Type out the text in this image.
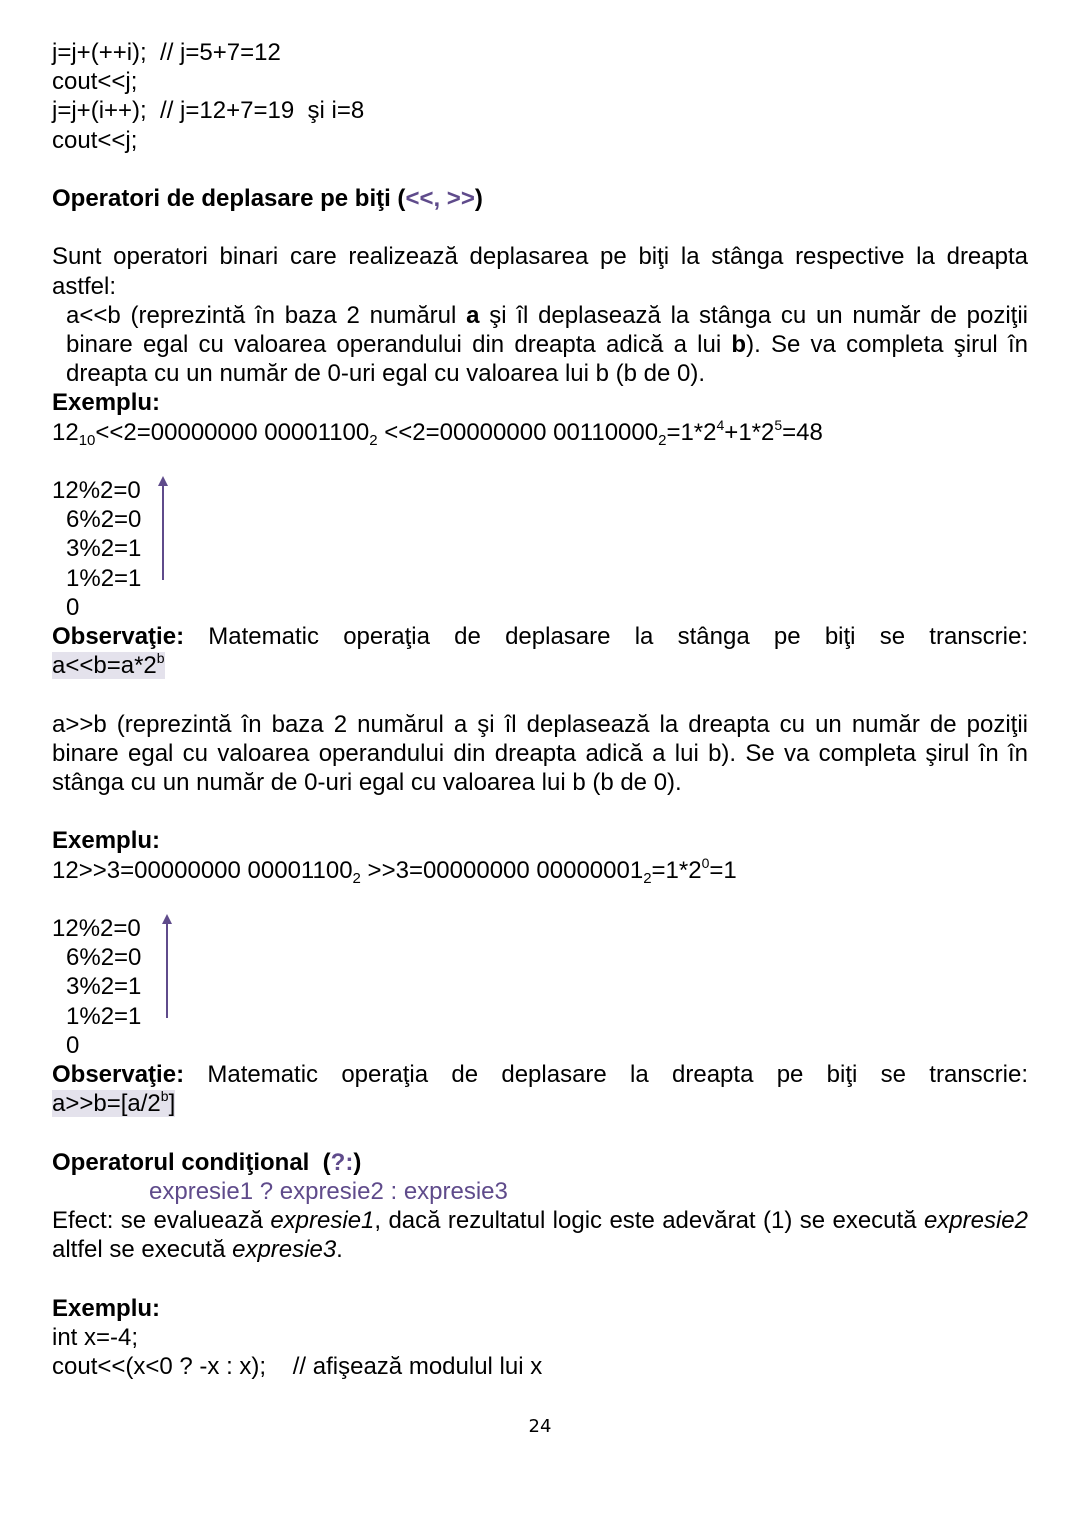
j=j+(++i);  // j=5+7=12
cout<<j;
j=j+(i++);  // j=12+7=19  şi i=8
cout<<j;
Operatori de deplasare pe biţi (<<, >>)
Sunt operatori binari care realizează deplasarea pe biţi la stânga respective la dreapta astfel:
a<<b (reprezintă în baza 2 numărul a şi îl deplasează la stânga cu un număr de poziţii binare egal cu valoarea operandului din dreapta adică a lui b). Se va completa şirul în dreapta cu un număr de 0-uri egal cu valoarea lui b (b de 0).
Exemplu:
$12_{10}<<2=00000000$ $00001100_2 <<2=00000000$ $00110000_2=1*2^4+1*2^5=48$
12%2=0
6%2=0
3%2=1
1%2=1
0
Observaţie: Matematic operaţia de deplasare la stânga pe biţi se transcrie:
$a<<b=a*2^b$
a>>b (reprezintă în baza 2 numărul a şi îl deplasează la dreapta cu un număr de poziţii binare egal cu valoarea operandului din dreapta adică a lui b). Se va completa şirul în în stânga cu un număr de 0-uri egal cu valoarea lui b (b de 0).
Exemplu:
12>>3=00000000 $00001100_2 >>3=00000000$ $00000001_2=1*2^0=1$
12%2=0
6%2=0
3%2=1
1%2=1
0
Observaţie: Matematic operaţia de deplasare la dreapta pe biţi se transcrie:
$a>>b=[a/2^b]$
Operatorul condiţional  (?:)
expresie1 ? expresie2 : expresie3
Efect: se evaluează expresie1, dacă rezultatul logic este adevărat (1) se execută expresie2 altfel se execută expresie3.
Exemplu:
int x=-4;
cout<<(x<0 ? -x : x);    // afişează modulul lui x
24
